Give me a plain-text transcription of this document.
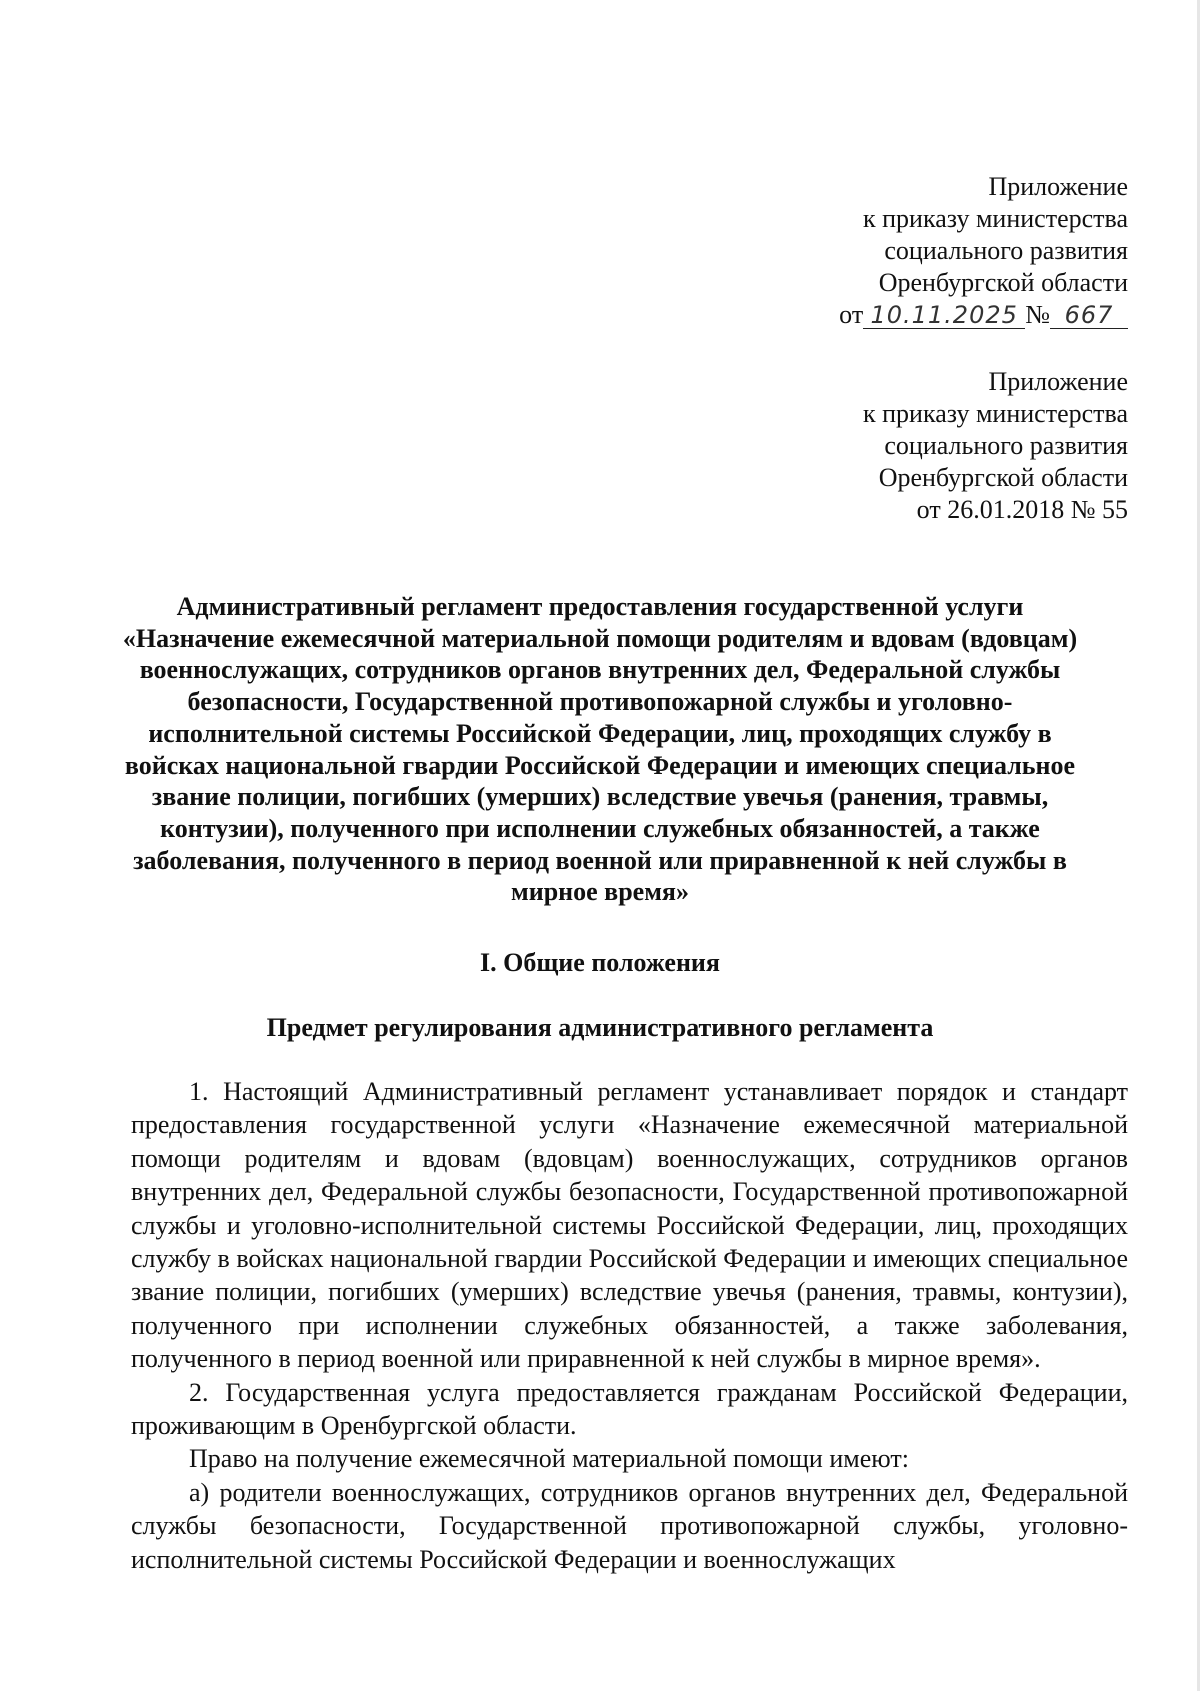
Приложение
к приказу министерства
социального развития
Оренбургской области
от 10.11.2025 № 667
Приложение
к приказу министерства
социального развития
Оренбургской области
от 26.01.2018 № 55
Административный регламент предоставления государственной услуги «Назначение ежемесячной материальной помощи родителям и вдовам (вдовцам) военнослужащих, сотрудников органов внутренних дел, Федеральной службы безопасности, Государственной противопожарной службы и уголовно-исполнительной системы Российской Федерации, лиц, проходящих службу в войсках национальной гвардии Российской Федерации и имеющих специальное звание полиции, погибших (умерших) вследствие увечья (ранения, травмы, контузии), полученного при исполнении служебных обязанностей, а также заболевания, полученного в период военной или приравненной к ней службы в мирное время»
I. Общие положения
Предмет регулирования административного регламента

1. Настоящий Административный регламент устанавливает порядок и стандарт предоставления государственной услуги «Назначение ежемесячной материальной помощи родителям и вдовам (вдовцам) военнослужащих, сотрудников органов внутренних дел, Федеральной службы безопасности, Государственной противопожарной службы и уголовно-исполнительной системы Российской Федерации, лиц, проходящих службу в войсках национальной гвардии Российской Федерации и имеющих специальное звание полиции, погибших (умерших) вследствие увечья (ранения, травмы, контузии), полученного при исполнении служебных обязанностей, а также заболевания, полученного в период военной или приравненной к ней службы в мирное время».

2. Государственная услуга предоставляется гражданам Российской Федерации, проживающим в Оренбургской области.

Право на получение ежемесячной материальной помощи имеют:

а) родители военнослужащих, сотрудников органов внутренних дел, Федеральной службы безопасности, Государственной противопожарной службы, уголовно-исполнительной системы Российской Федерации и военнослужащих
